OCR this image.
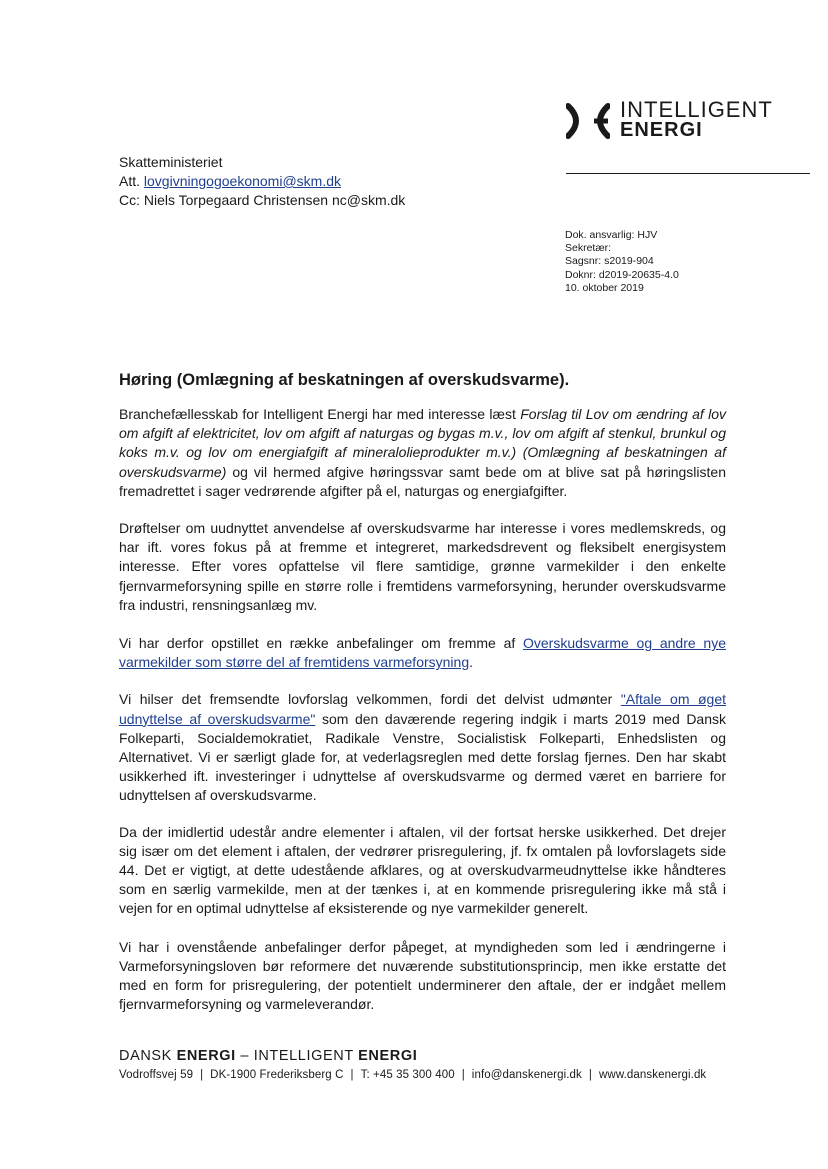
INTELLIGENT
ENERGI
Skatteministeriet
Att. lovgivningogoekonomi@skm.dk
Cc: Niels Torpegaard Christensen nc@skm.dk
Dok. ansvarlig: HJV
Sekretær:
Sagsnr: s2019-904
Doknr: d2019-20635-4.0
10. oktober 2019
Høring (Omlægning af beskatningen af overskudsvarme).

Branchefællesskab for Intelligent Energi har med interesse læst Forslag til Lov om ændring af lov om afgift af elektricitet, lov om afgift af naturgas og bygas m.v., lov om afgift af stenkul, brunkul og koks m.v. og lov om energiafgift af mineralolieprodukter m.v.) (Omlægning af beskatningen af overskudsvarme) og vil hermed afgive høringssvar samt bede om at blive sat på høringslisten fremadrettet i sager vedrørende afgifter på el, naturgas og energiafgifter.

Drøftelser om uudnyttet anvendelse af overskudsvarme har interesse i vores medlemskreds, og har ift. vores fokus på at fremme et integreret, markedsdrevent og fleksibelt energisystem interesse. Efter vores opfattelse vil flere samtidige, grønne varmekilder i den enkelte fjernvarmeforsyning spille en større rolle i fremtidens varmeforsyning, herunder overskudsvarme fra industri, rensningsanlæg mv.

Vi har derfor opstillet en række anbefalinger om fremme af Overskudsvarme og andre nye varmekilder som større del af fremtidens varmeforsyning.

Vi hilser det fremsendte lovforslag velkommen, fordi det delvist udmønter "Aftale om øget udnyttelse af overskudsvarme" som den daværende regering indgik i marts 2019 med Dansk Folkeparti, Socialdemokratiet, Radikale Venstre, Socialistisk Folkeparti, Enhedslisten og Alternativet. Vi er særligt glade for, at vederlagsreglen med dette forslag fjernes. Den har skabt usikkerhed ift. investeringer i udnyttelse af overskudsvarme og dermed været en barriere for udnyttelsen af overskudsvarme.

Da der imidlertid udestår andre elementer i aftalen, vil der fortsat herske usikkerhed. Det drejer sig især om det element i aftalen, der vedrører prisregulering, jf. fx omtalen på lovforslagets side 44. Det er vigtigt, at dette udestående afklares, og at overskudvarmeudnyttelse ikke håndteres som en særlig varmekilde, men at der tænkes i, at en kommende prisregulering ikke må stå i vejen for en optimal udnyttelse af eksisterende og nye varmekilder generelt.

Vi har i ovenstående anbefalinger derfor påpeget, at myndigheden som led i ændringerne i Varmeforsyningsloven bør reformere det nuværende substitutionsprincip, men ikke erstatte det med en form for prisregulering, der potentielt underminerer den aftale, der er indgået mellem fjernvarmeforsyning og varmeleverandør.

DANSK ENERGI – INTELLIGENT ENERGI
Vodroffsvej 59 | DK-1900 Frederiksberg C | T: +45 35 300 400 | info@danskenergi.dk | www.danskenergi.dk
